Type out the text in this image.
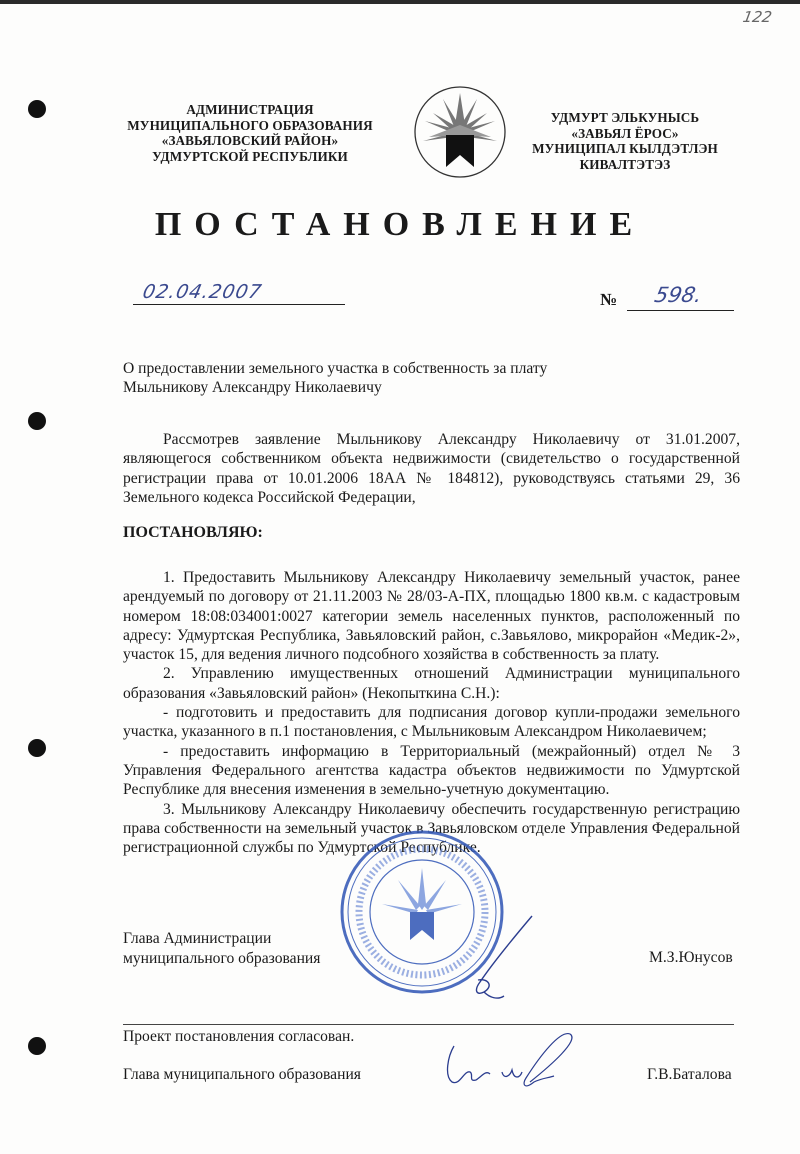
122
АДМИНИСТРАЦИЯ
МУНИЦИПАЛЬНОГО ОБРАЗОВАНИЯ
«ЗАВЬЯЛОВСКИЙ РАЙОН»
УДМУРТСКОЙ РЕСПУБЛИКИ
УДМУРТ ЭЛЬКУНЫСЬ
«ЗАВЬЯЛ ЁРОС»
МУНИЦИПАЛ КЫЛДЭТЛЭН
КИВАЛТЭТЭЗ
ПОСТАНОВЛЕНИЕ
02.04.2007	№ 598.
О предоставлении земельного участка в собственность за плату
Мыльникову Александру Николаевичу

Рассмотрев заявление Мыльникову Александру Николаевичу от 31.01.2007, являющегося собственником объекта недвижимости (свидетельство о государственной регистрации права от 10.01.2006 18АА № 184812), руководствуясь статьями 29, 36 Земельного кодекса Российской Федерации,

ПОСТАНОВЛЯЮ:

1. Предоставить Мыльникову Александру Николаевичу земельный участок, ранее арендуемый по договору от 21.11.2003 № 28/03-А-ПХ, площадью 1800 кв.м. с кадастровым номером 18:08:034001:0027 категории земель населенных пунктов, расположенный по адресу: Удмуртская Республика, Завьяловский район, с.Завьялово, микрорайон «Медик-2», участок 15, для ведения личного подсобного хозяйства в собственность за плату.

2. Управлению имущественных отношений Администрации муниципального образования «Завьяловский район» (Некопыткина С.Н.):

- подготовить и предоставить для подписания договор купли-продажи земельного участка, указанного в п.1 постановления, с Мыльниковым Александром Николаевичем;

- предоставить информацию в Территориальный (межрайонный) отдел № 3 Управления Федерального агентства кадастра объектов недвижимости по Удмуртской Республике для внесения изменения в земельно-учетную документацию.

3. Мыльникову Александру Николаевичу обеспечить государственную регистрацию права собственности на земельный участок в Завьяловском отделе Управления Федеральной регистрационной службы по Удмуртской Республике.

Глава Администрации
муниципального образования	М.З.Юнусов
Проект постановления согласован.
Глава муниципального образования	Г.В.Баталова
